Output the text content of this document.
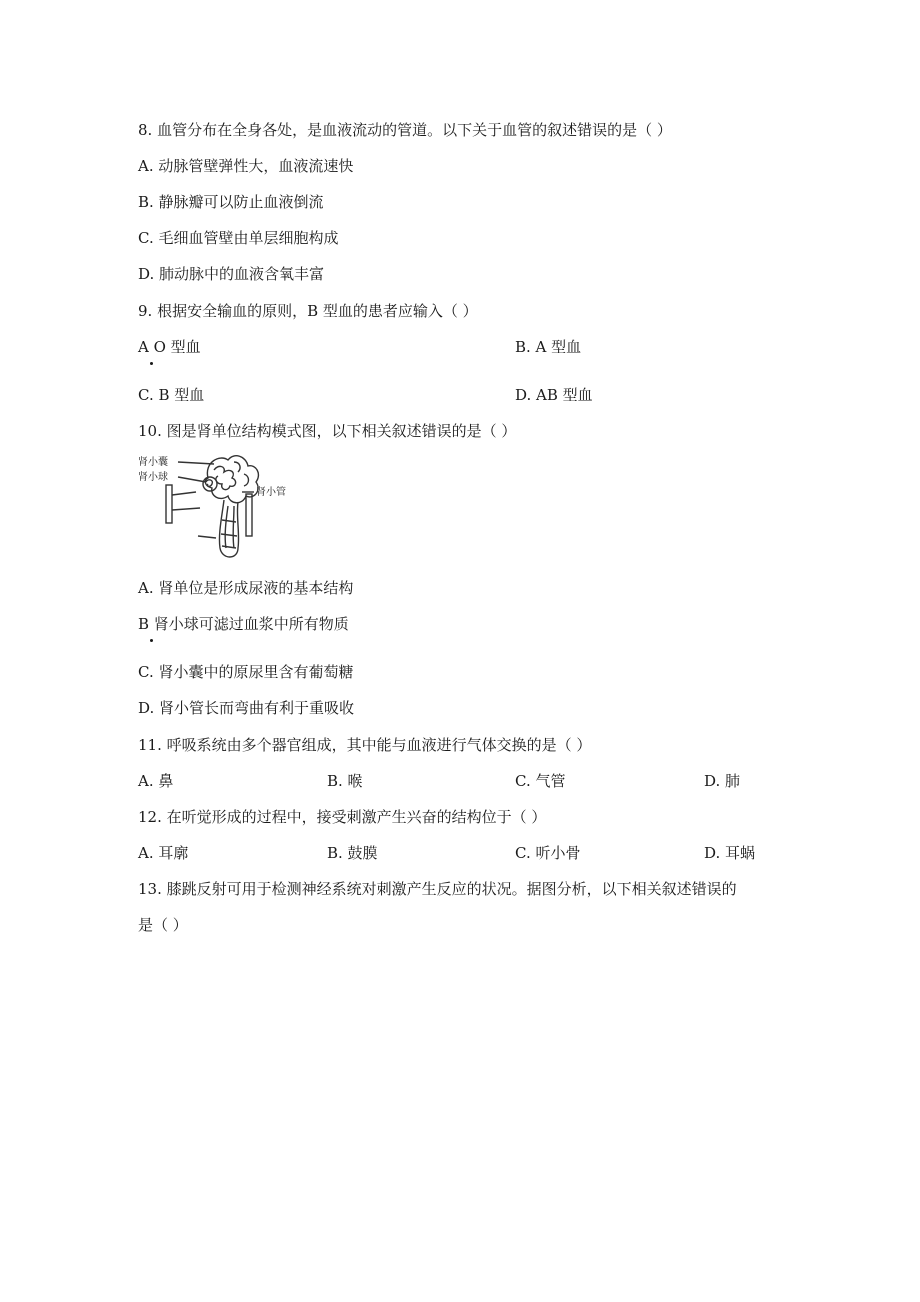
8. 血管分布在全身各处，是血液流动的管道。以下关于血管的叙述错误的是（ ）
A. 动脉管壁弹性大，血液流速快
B. 静脉瓣可以防止血液倒流
C. 毛细血管壁由单层细胞构成
D. 肺动脉中的血液含氧丰富
9. 根据安全输血的原则，B 型血的患者应输入（ ）
A O 型血	B. A 型血
C. B 型血	D. AB 型血
10. 图是肾单位结构模式图，以下相关叙述错误的是（ ）
肾小囊
肾小球
肾小管
A. 肾单位是形成尿液的基本结构
B 肾小球可滤过血浆中所有物质
C. 肾小囊中的原尿里含有葡萄糖
D. 肾小管长而弯曲有利于重吸收
11. 呼吸系统由多个器官组成，其中能与血液进行气体交换的是（ ）
A. 鼻	B. 喉	C. 气管	D. 肺
12. 在听觉形成的过程中，接受刺激产生兴奋的结构位于（ ）
A. 耳廓	B. 鼓膜	C. 听小骨	D. 耳蜗
13. 膝跳反射可用于检测神经系统对刺激产生反应的状况。据图分析，以下相关叙述错误的
是（ ）
